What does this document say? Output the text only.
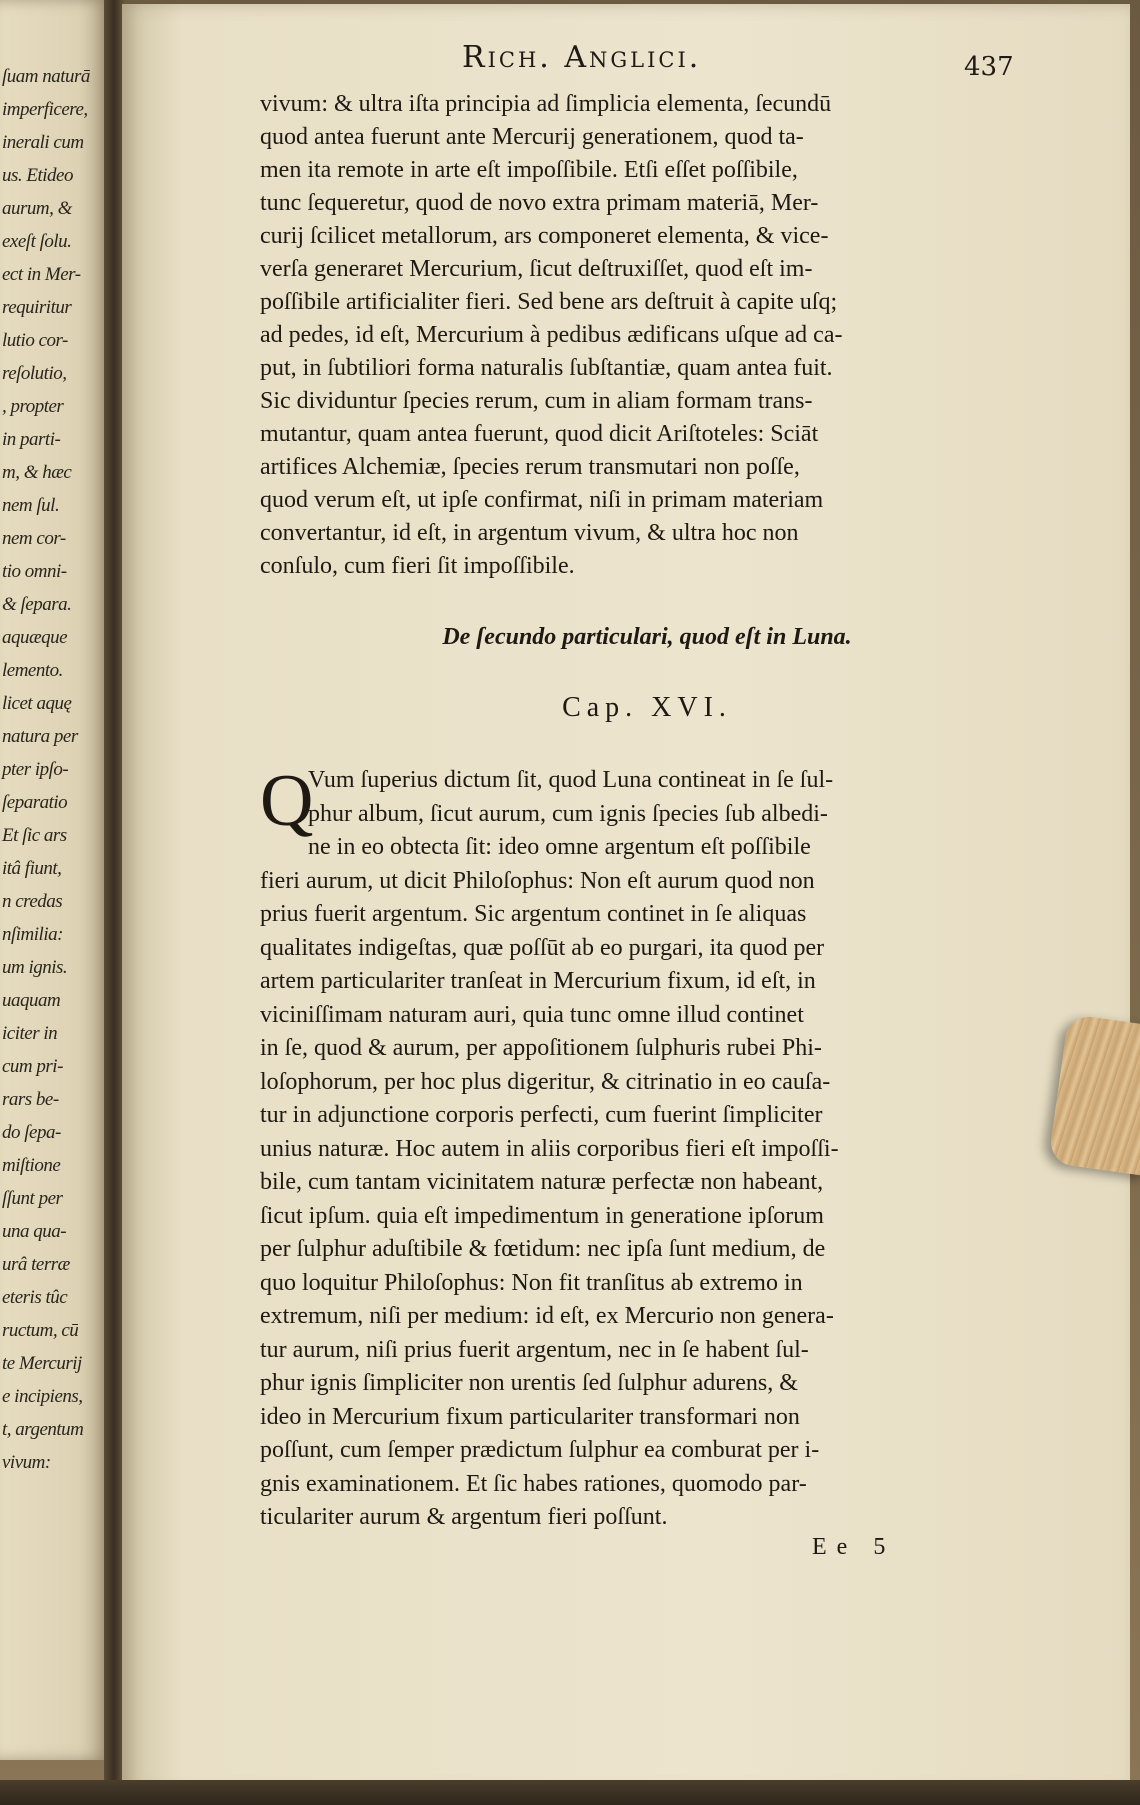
ſuam naturā
imperficere,
inerali cum
us. Etideo
aurum, &
exeſt ſolu.
ect in Mer-
requiritur
lutio cor-
reſolutio,
, propter
in parti-
m, & hæc
nem ſul.
nem cor-
tio omni-
& ſepara.
aquæque
lemento.
licet aquę
natura per
pter ipſo-
ſeparatio
Et ſic ars
itâ fiunt,
n credas
nſimilia:
um ignis.
uaquam
iciter in
cum pri-
rars be-
do ſepa-
miſtione
ſſunt per
una qua-
urâ terræ
eteris tûc
ructum, cū
te Mercurij
e incipiens,
t, argentum
vivum:
Rich. Anglici.	437
vivum: & ultra iſta principia ad ſimplicia elementa, ſecundū
quod antea fuerunt ante Mercurij generationem, quod ta-
men ita remote in arte eſt impoſſibile. Etſi eſſet poſſibile,
tunc ſequeretur, quod de novo extra primam materiā, Mer-
curij ſcilicet metallorum, ars componeret elementa, & vice-
verſa generaret Mercurium, ſicut deſtruxiſſet, quod eſt im-
poſſibile artificialiter fieri. Sed bene ars deſtruit à capite uſq;
ad pedes, id eſt, Mercurium à pedibus ædificans uſque ad ca-
put, in ſubtiliori forma naturalis ſubſtantiæ, quam antea fuit.
Sic dividuntur ſpecies rerum, cum in aliam formam trans-
mutantur, quam antea fuerunt, quod dicit Ariſtoteles: Sciāt
artifices Alchemiæ, ſpecies rerum transmutari non poſſe,
quod verum eſt, ut ipſe confirmat, niſi in primam materiam
convertantur, id eſt, in argentum vivum, & ultra hoc non
conſulo, cum fieri ſit impoſſibile.
De ſecundo particulari, quod eſt in Luna.
Cap. XVI.
Q
Vum ſuperius dictum ſit, quod Luna contineat in ſe ſul-
phur album, ſicut aurum, cum ignis ſpecies ſub albedi-
ne in eo obtecta ſit: ideo omne argentum eſt poſſibile
fieri aurum, ut dicit Philoſophus: Non eſt aurum quod non
prius fuerit argentum. Sic argentum continet in ſe aliquas
qualitates indigeſtas, quæ poſſūt ab eo purgari, ita quod per
artem particulariter tranſeat in Mercurium fixum, id eſt, in
viciniſſimam naturam auri, quia tunc omne illud continet
in ſe, quod & aurum, per appoſitionem ſulphuris rubei Phi-
loſophorum, per hoc plus digeritur, & citrinatio in eo cauſa-
tur in adjunctione corporis perfecti, cum fuerint ſimpliciter
unius naturæ. Hoc autem in aliis corporibus fieri eſt impoſſi-
bile, cum tantam vicinitatem naturæ perfectæ non habeant,
ſicut ipſum. quia eſt impedimentum in generatione ipſorum
per ſulphur aduſtibile & fœtidum: nec ipſa ſunt medium, de
quo loquitur Philoſophus: Non fit tranſitus ab extremo in
extremum, niſi per medium: id eſt, ex Mercurio non genera-
tur aurum, niſi prius fuerit argentum, nec in ſe habent ſul-
phur ignis ſimpliciter non urentis ſed ſulphur adurens, &
ideo in Mercurium fixum particulariter transformari non
poſſunt, cum ſemper prædictum ſulphur ea comburat per i-
gnis examinationem. Et ſic habes rationes, quomodo par-
ticulariter aurum & argentum fieri poſſunt.
Ee 5
